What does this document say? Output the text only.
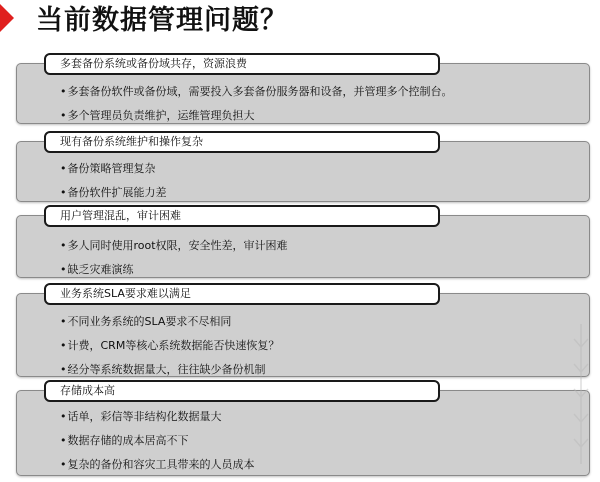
当前数据管理问题？
多套备份系统或备份域共存，资源浪费
• 多套备份软件或备份域，需要投入多套备份服务器和设备，并管理多个控制台。
• 多个管理员负责维护，运维管理负担大
现有备份系统维护和操作复杂
• 备份策略管理复杂
• 备份软件扩展能力差
用户管理混乱，审计困难
• 多人同时使用root权限，安全性差，审计困难
• 缺乏灾难演练
业务系统SLA要求难以满足
• 不同业务系统的SLA要求不尽相同
• 计费，CRM等核心系统数据能否快速恢复？
• 经分等系统数据量大，往往缺少备份机制
存储成本高
• 话单，彩信等非结构化数据量大
• 数据存储的成本居高不下
• 复杂的备份和容灾工具带来的人员成本
